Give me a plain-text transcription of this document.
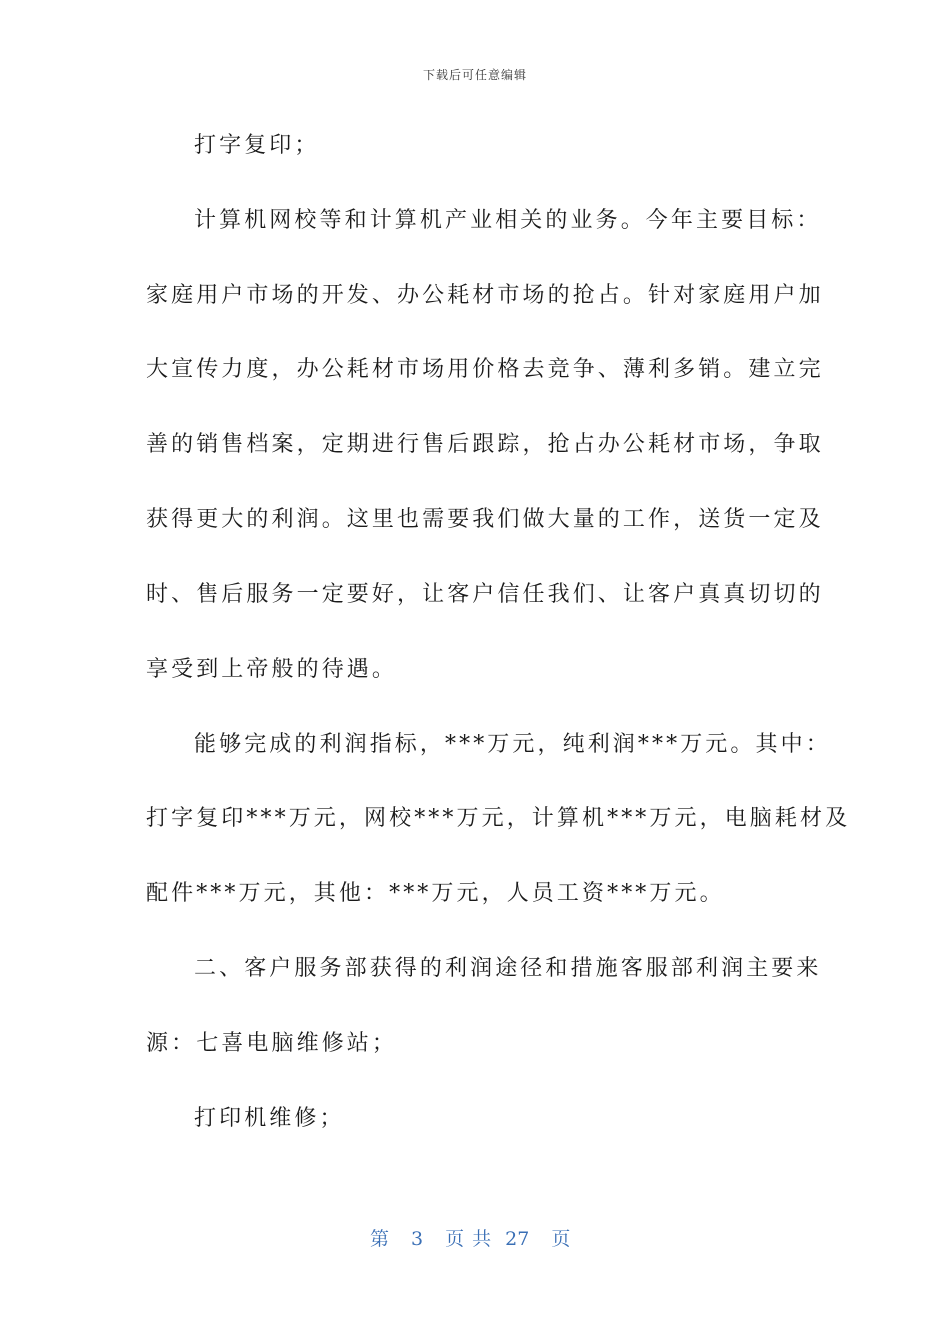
下载后可任意编辑
打字复印；
计算机网校等和计算机产业相关的业务。今年主要目标：
家庭用户市场的开发、办公耗材市场的抢占。针对家庭用户加
大宣传力度，办公耗材市场用价格去竞争、薄利多销。建立完
善的销售档案，定期进行售后跟踪，抢占办公耗材市场，争取
获得更大的利润。这里也需要我们做大量的工作，送货一定及
时、售后服务一定要好，让客户信任我们、让客户真真切切的
享受到上帝般的待遇。
能够完成的利润指标，***万元，纯利润***万元。其中：
打字复印***万元，网校***万元，计算机***万元，电脑耗材及
配件***万元，其他：***万元，人员工资***万元。
二、客户服务部获得的利润途径和措施客服部利润主要来
源：七喜电脑维修站；
打印机维修；
第 3 页 共 27 页
